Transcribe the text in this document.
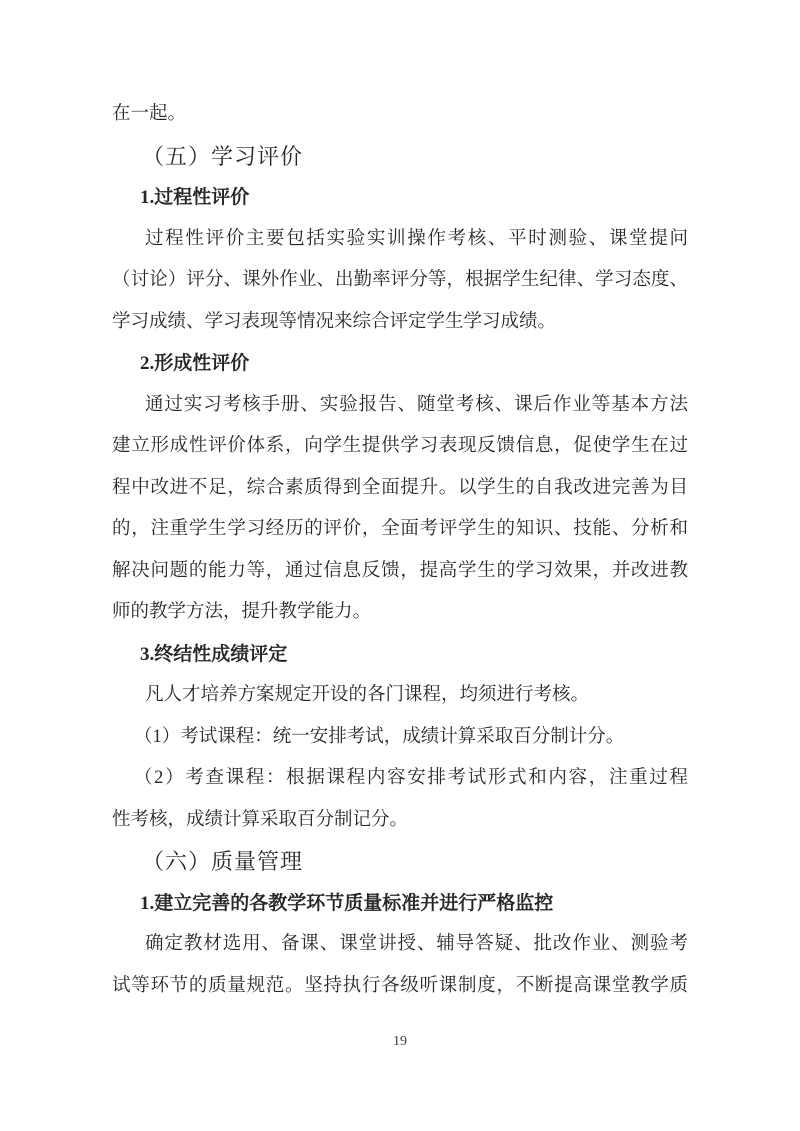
在一起。
（五）学习评价
1.过程性评价
过程性评价主要包括实验实训操作考核、平时测验、课堂提问
（讨论）评分、课外作业、出勤率评分等，根据学生纪律、学习态度、
学习成绩、学习表现等情况来综合评定学生学习成绩。
2.形成性评价
通过实习考核手册、实验报告、随堂考核、课后作业等基本方法
建立形成性评价体系，向学生提供学习表现反馈信息，促使学生在过
程中改进不足，综合素质得到全面提升。以学生的自我改进完善为目
的，注重学生学习经历的评价，全面考评学生的知识、技能、分析和
解决问题的能力等，通过信息反馈，提高学生的学习效果，并改进教
师的教学方法，提升教学能力。
3.终结性成绩评定
凡人才培养方案规定开设的各门课程，均须进行考核。
（1）考试课程：统一安排考试，成绩计算采取百分制计分。
（2）考查课程：根据课程内容安排考试形式和内容，注重过程
性考核，成绩计算采取百分制记分。
（六）质量管理
1.建立完善的各教学环节质量标准并进行严格监控
确定教材选用、备课、课堂讲授、辅导答疑、批改作业、测验考
试等环节的质量规范。坚持执行各级听课制度，不断提高课堂教学质
19
